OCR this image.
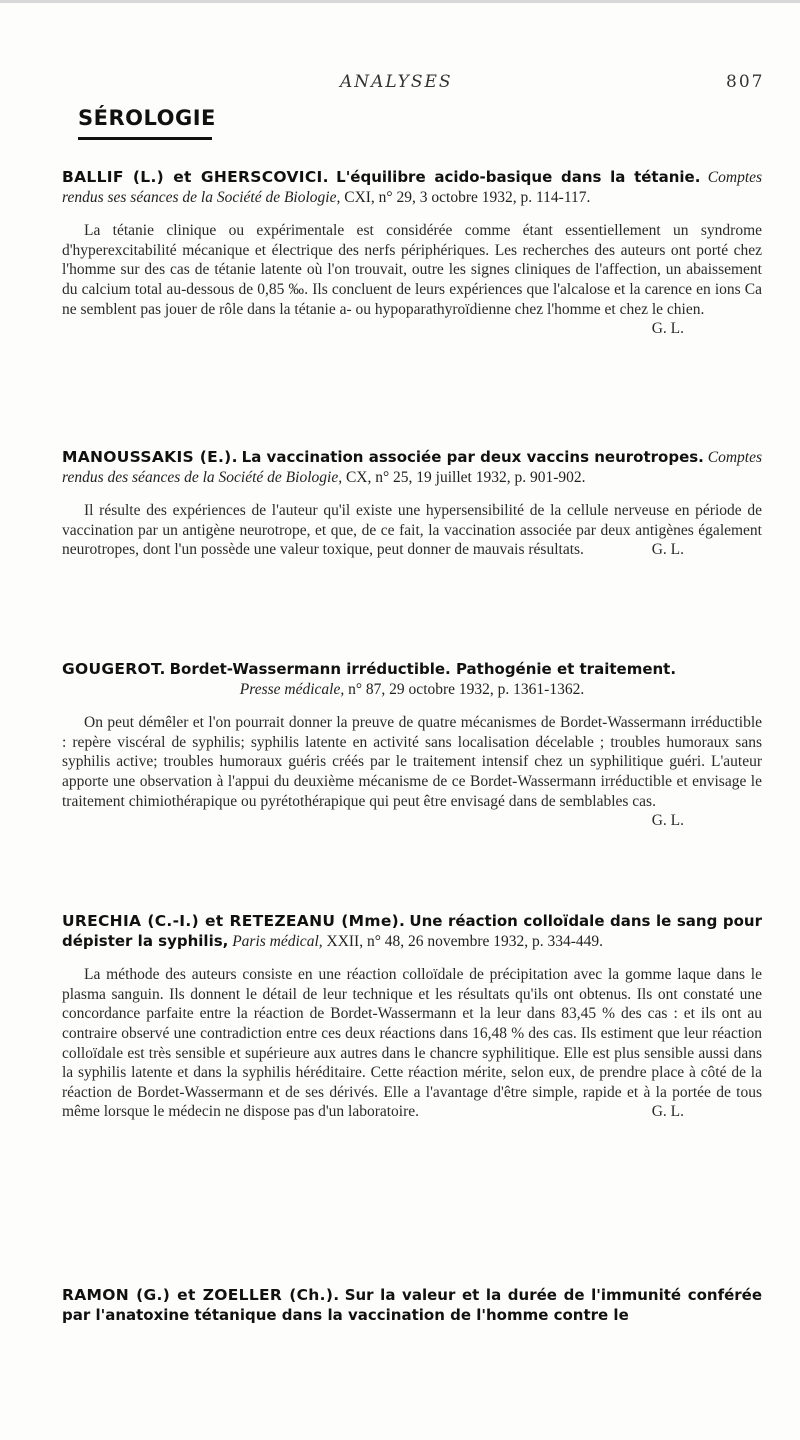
ANALYSES	807
SÉROLOGIE

BALLIF (L.) et GHERSCOVICI. L'équilibre acido-basique dans la tétanie. Comptes rendus ses séances de la Société de Biologie, CXI, n° 29, 3 octobre 1932, p. 114-117.

La tétanie clinique ou expérimentale est considérée comme étant essentiellement un syndrome d'hyperexcitabilité mécanique et électrique des nerfs périphériques. Les recherches des auteurs ont porté chez l'homme sur des cas de tétanie latente où l'on trouvait, outre les signes cliniques de l'affection, un abaissement du calcium total au-dessous de 0,85 ‰. Ils concluent de leurs expériences que l'alcalose et la carence en ions Ca ne semblent pas jouer de rôle dans la tétanie a- ou hypoparathyroïdienne chez l'homme et chez le chien.
G. L.

MANOUSSAKIS (E.). La vaccination associée par deux vaccins neurotropes. Comptes rendus des séances de la Société de Biologie, CX, n° 25, 19 juillet 1932, p. 901-902.

Il résulte des expériences de l'auteur qu'il existe une hypersensibilité de la cellule nerveuse en période de vaccination par un antigène neurotrope, et que, de ce fait, la vaccination associée par deux antigènes également neurotropes, dont l'un possède une valeur toxique, peut donner de mauvais résultats.	G. L.

GOUGEROT. Bordet-Wassermann irréductible. Pathogénie et traitement.
Presse médicale, n° 87, 29 octobre 1932, p. 1361-1362.

On peut démêler et l'on pourrait donner la preuve de quatre mécanismes de Bordet-Wassermann irréductible : repère viscéral de syphilis; syphilis latente en activité sans localisation décelable ; troubles humoraux sans syphilis active; troubles humoraux guéris créés par le traitement intensif chez un syphilitique guéri. L'auteur apporte une observation à l'appui du deuxième mécanisme de ce Bordet-Wassermann irréductible et envisage le traitement chimiothérapique ou pyrétothérapique qui peut être envisagé dans de semblables cas.
G. L.

URECHIA (C.-I.) et RETEZEANU (Mme). Une réaction colloïdale dans le sang pour dépister la syphilis, Paris médical, XXII, n° 48, 26 novembre 1932, p. 334-449.

La méthode des auteurs consiste en une réaction colloïdale de précipitation avec la gomme laque dans le plasma sanguin. Ils donnent le détail de leur technique et les résultats qu'ils ont obtenus. Ils ont constaté une concordance parfaite entre la réaction de Bordet-Wassermann et la leur dans 83,45 % des cas : et ils ont au contraire observé une contradiction entre ces deux réactions dans 16,48 % des cas. Ils estiment que leur réaction colloïdale est très sensible et supérieure aux autres dans le chancre syphilitique. Elle est plus sensible aussi dans la syphilis latente et dans la syphilis héréditaire. Cette réaction mérite, selon eux, de prendre place à côté de la réaction de Bordet-Wassermann et de ses dérivés. Elle a l'avantage d'être simple, rapide et à la portée de tous même lorsque le médecin ne dispose pas d'un laboratoire.	G. L.

RAMON (G.) et ZOELLER (Ch.). Sur la valeur et la durée de l'immunité conférée par l'anatoxine tétanique dans la vaccination de l'homme contre le
